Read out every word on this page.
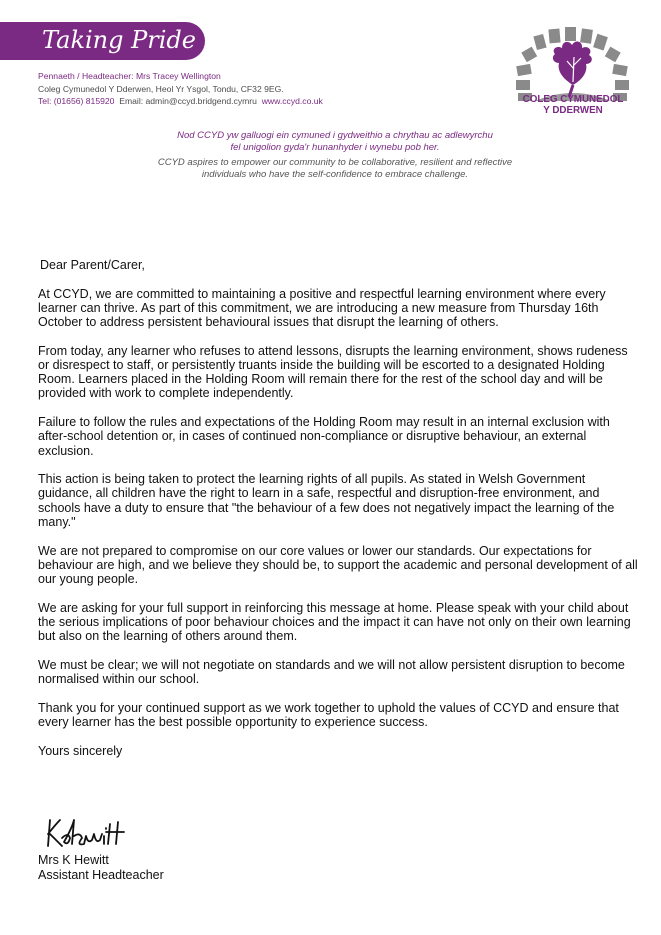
Taking Pride
Pennaeth / Headteacher: Mrs Tracey Wellington
Coleg Cymunedol Y Dderwen, Heol Yr Ysgol, Tondu, CF32 9EG.
Tel: (01656) 815920 Email: admin@ccyd.bridgend.cymru www.ccyd.co.uk	COLEG CYMUNEDOL
Y DDERWEN
Nod CCYD yw galluogi ein cymuned i gydweithio a chrythau ac adlewyrchu
fel unigolion gyda'r hunanhyder i wynebu pob her.
CCYD aspires to empower our community to be collaborative, resilient and reflective
individuals who have the self-confidence to embrace challenge.

Dear Parent/Carer,

At CCYD, we are committed to maintaining a positive and respectful learning environment where every learner can thrive. As part of this commitment, we are introducing a new measure from Thursday 16th October to address persistent behavioural issues that disrupt the learning of others.

From today, any learner who refuses to attend lessons, disrupts the learning environment, shows rudeness or disrespect to staff, or persistently truants inside the building will be escorted to a designated Holding Room. Learners placed in the Holding Room will remain there for the rest of the school day and will be provided with work to complete independently.

Failure to follow the rules and expectations of the Holding Room may result in an internal exclusion with after-school detention or, in cases of continued non-compliance or disruptive behaviour, an external exclusion.

This action is being taken to protect the learning rights of all pupils. As stated in Welsh Government guidance, all children have the right to learn in a safe, respectful and disruption-free environment, and schools have a duty to ensure that "the behaviour of a few does not negatively impact the learning of the many."

We are not prepared to compromise on our core values or lower our standards. Our expectations for behaviour are high, and we believe they should be, to support the academic and personal development of all our young people.

We are asking for your full support in reinforcing this message at home. Please speak with your child about the serious implications of poor behaviour choices and the impact it can have not only on their own learning but also on the learning of others around them.

We must be clear; we will not negotiate on standards and we will not allow persistent disruption to become normalised within our school.

Thank you for your continued support as we work together to uphold the values of CCYD and ensure that every learner has the best possible opportunity to experience success.

Yours sincerely

Mrs K Hewitt
Assistant Headteacher
